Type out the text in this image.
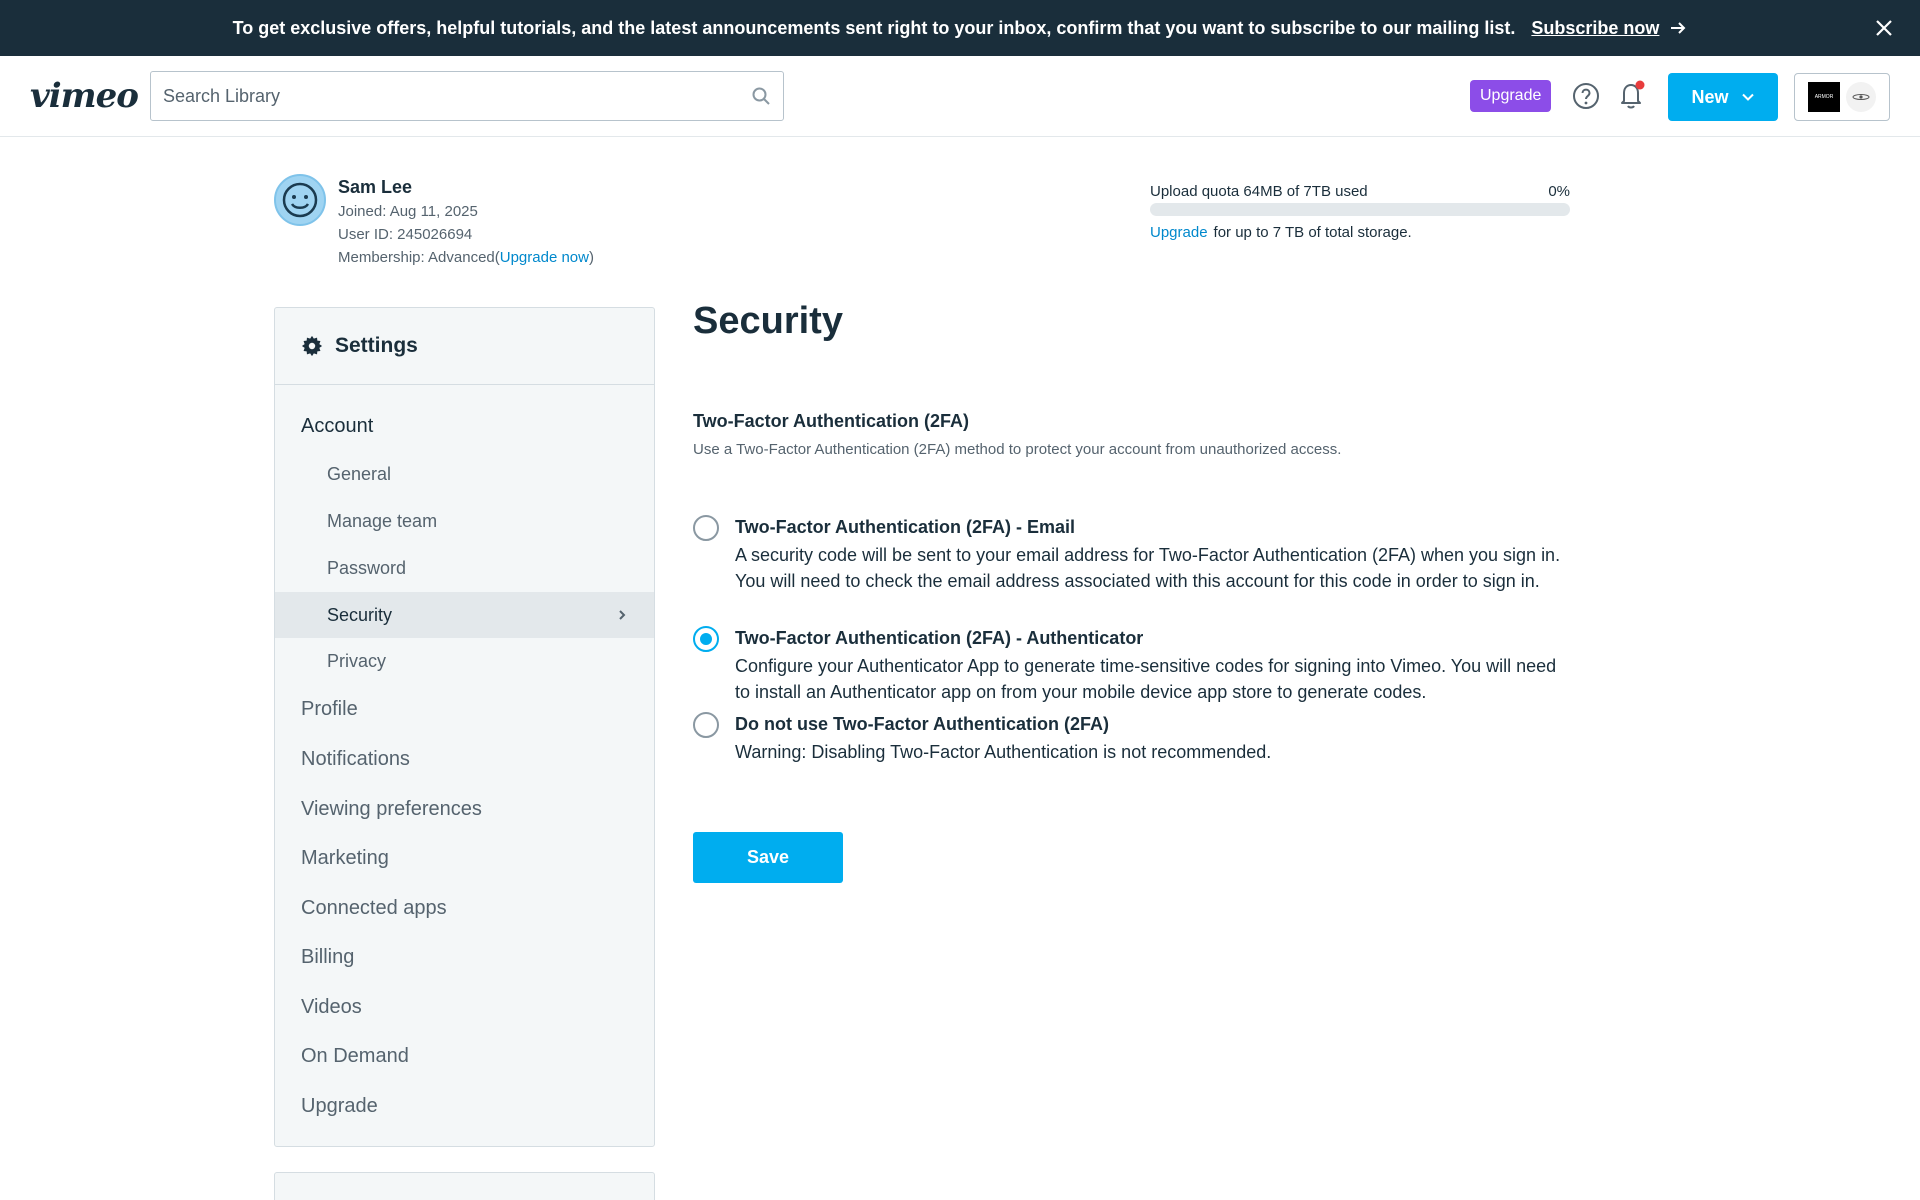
To get exclusive offers, helpful tutorials, and the latest announcements sent right to your inbox, confirm that you want to subscribe to our mailing list. Subscribe now
vimeo
Search Library	Upgrade	New	ARMOR
Sam Lee
Joined: Aug 11, 2025
User ID: 245026694
Membership: Advanced(Upgrade now)
Upload quota 64MB of 7TB used	0%
Upgrade for up to 7 TB of total storage.
Settings
Account
General
Manage team
Password
Security
Privacy
Profile
Notifications
Viewing preferences
Marketing
Connected apps
Billing
Videos
On Demand
Upgrade
Security
Two-Factor Authentication (2FA)
Use a Two-Factor Authentication (2FA) method to protect your account from unauthorized access.
Two-Factor Authentication (2FA) - Email
A security code will be sent to your email address for Two-Factor Authentication (2FA) when you sign in. You will need to check the email address associated with this account for this code in order to sign in.
Two-Factor Authentication (2FA) - Authenticator
Configure your Authenticator App to generate time-sensitive codes for signing into Vimeo. You will need to install an Authenticator app on from your mobile device app store to generate codes.
Do not use Two-Factor Authentication (2FA)
Warning: Disabling Two-Factor Authentication is not recommended.
Save
